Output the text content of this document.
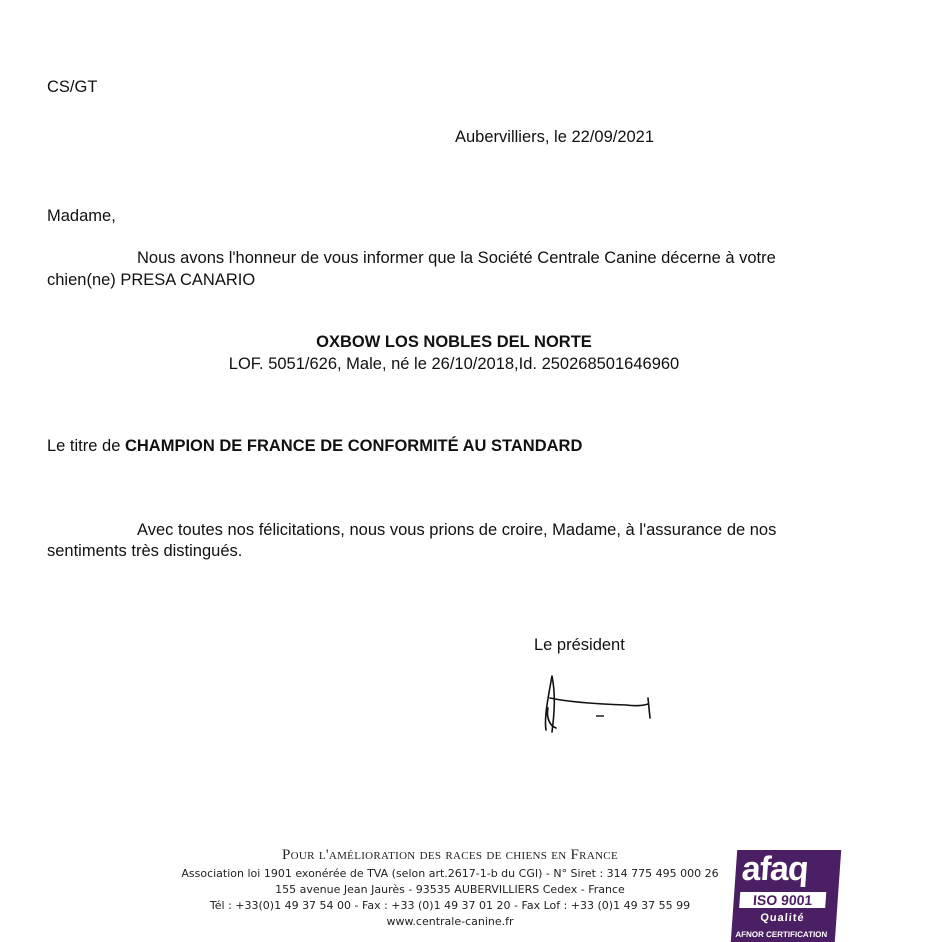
CS/GT
Aubervilliers, le 22/09/2021
Madame,
Nous avons l'honneur de vous informer que la Société Centrale Canine décerne à votre
chien(ne) PRESA CANARIO
OXBOW LOS NOBLES DEL NORTE
LOF. 5051/626, Male, né le 26/10/2018,Id. 250268501646960
Le titre de CHAMPION DE FRANCE DE CONFORMITÉ AU STANDARD
Avec toutes nos félicitations, nous vous prions de croire, Madame, à l'assurance de nos
sentiments très distingués.
Le président
Pour l'amélioration des races de chiens en France
Association loi 1901 exonérée de TVA (selon art.2617-1-b du CGI) - N° Siret : 314 775 495 000 26
155 avenue Jean Jaurès - 93535 AUBERVILLIERS Cedex - France
Tél : +33(0)1 49 37 54 00 - Fax : +33 (0)1 49 37 01 20 - Fax Lof : +33 (0)1 49 37 55 99
www.centrale-canine.fr
afaq
ISO 9001
Qualité
AFNOR CERTIFICATION
